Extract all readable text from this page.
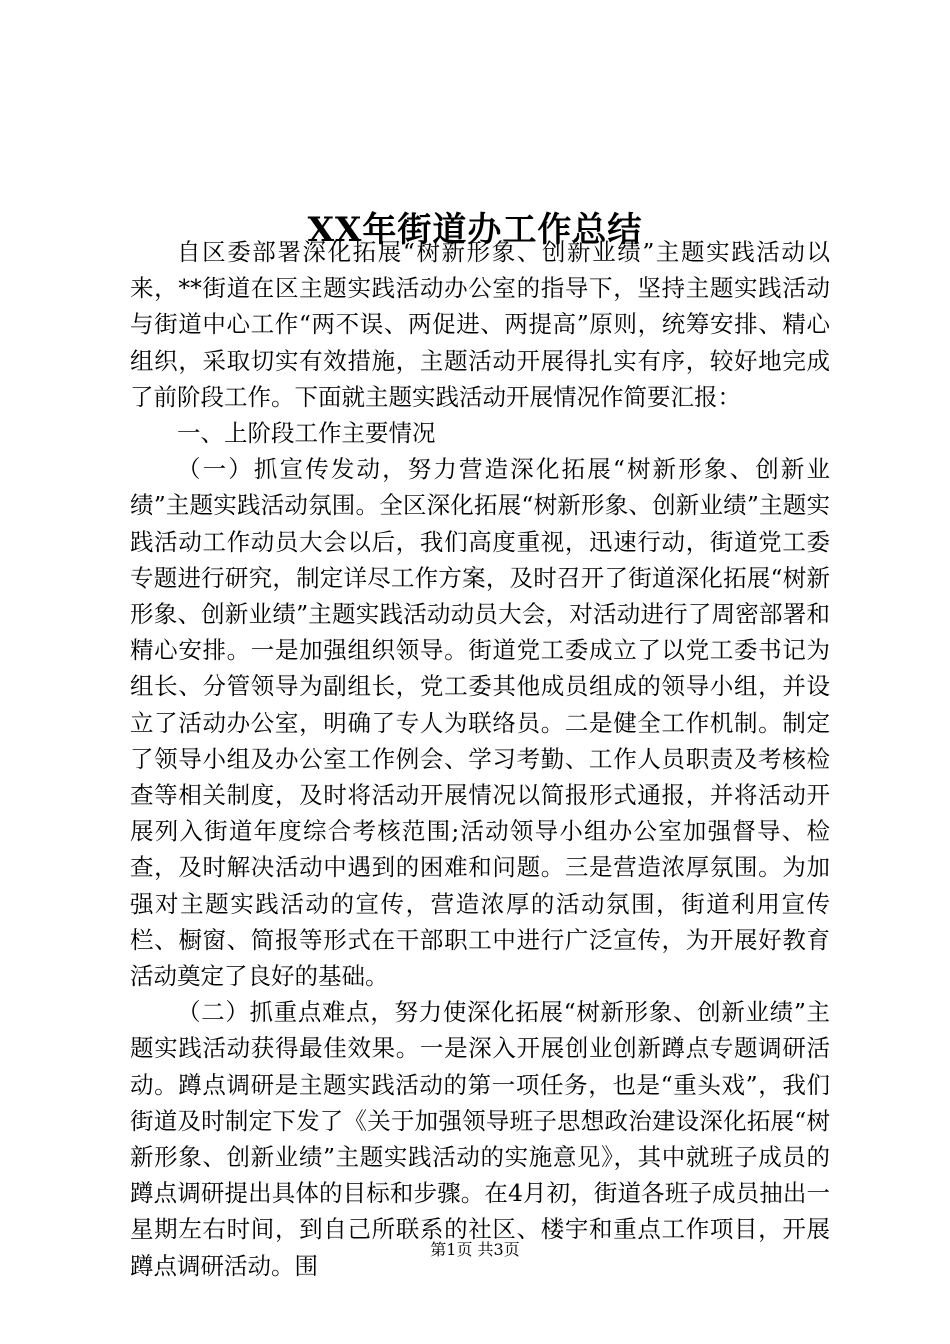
XX年街道办工作总结

自区委部署深化拓展“树新形象、创新业绩”主题实践活动以来，**街道在区主题实践活动办公室的指导下，坚持主题实践活动与街道中心工作“两不误、两促进、两提高”原则，统筹安排、精心组织，采取切实有效措施，主题活动开展得扎实有序，较好地完成了前阶段工作。下面就主题实践活动开展情况作简要汇报：

一、上阶段工作主要情况

（一）抓宣传发动，努力营造深化拓展“树新形象、创新业绩”主题实践活动氛围。全区深化拓展“树新形象、创新业绩”主题实践活动工作动员大会以后，我们高度重视，迅速行动，街道党工委专题进行研究，制定详尽工作方案，及时召开了街道深化拓展“树新形象、创新业绩”主题实践活动动员大会，对活动进行了周密部署和精心安排。一是加强组织领导。街道党工委成立了以党工委书记为组长、分管领导为副组长，党工委其他成员组成的领导小组，并设立了活动办公室，明确了专人为联络员。二是健全工作机制。制定了领导小组及办公室工作例会、学习考勤、工作人员职责及考核检查等相关制度，及时将活动开展情况以简报形式通报，并将活动开展列入街道年度综合考核范围;活动领导小组办公室加强督导、检查，及时解决活动中遇到的困难和问题。三是营造浓厚氛围。为加强对主题实践活动的宣传，营造浓厚的活动氛围，街道利用宣传栏、橱窗、简报等形式在干部职工中进行广泛宣传，为开展好教育活动奠定了良好的基础。

（二）抓重点难点，努力使深化拓展“树新形象、创新业绩”主题实践活动获得最佳效果。一是深入开展创业创新蹲点专题调研活动。蹲点调研是主题实践活动的第一项任务，也是“重头戏”，我们街道及时制定下发了《关于加强领导班子思想政治建设深化拓展“树新形象、创新业绩”主题实践活动的实施意见》，其中就班子成员的蹲点调研提出具体的目标和步骤。在4月初，街道各班子成员抽出一星期左右时间，到自己所联系的社区、楼宇和重点工作项目，开展蹲点调研活动。围

第1页 共3页
